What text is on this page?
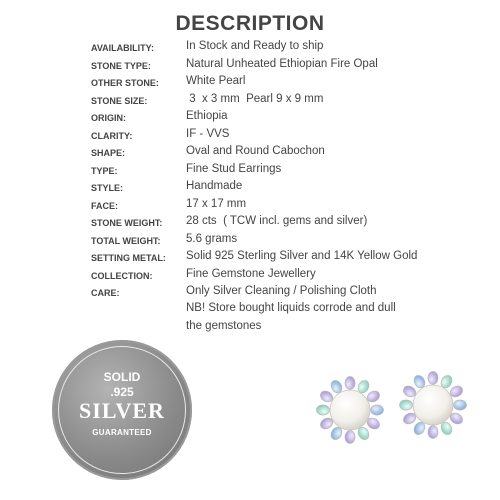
DESCRIPTION
AVAILABILITY:	In Stock and Ready to ship
STONE TYPE:	Natural Unheated Ethiopian Fire Opal
OTHER STONE:	White Pearl
STONE SIZE:	3  x 3 mm  Pearl 9 x 9 mm
ORIGIN:	Ethiopia
CLARITY:	IF - VVS
SHAPE:	Oval and Round Cabochon
TYPE:	Fine Stud Earrings
STYLE:	Handmade
FACE:	17 x 17 mm
STONE WEIGHT:	28 cts  ( TCW incl. gems and silver)
TOTAL WEIGHT:	5.6 grams
SETTING METAL:	Solid 925 Sterling Silver and 14K Yellow Gold
COLLECTION:	Fine Gemstone Jewellery
CARE:	Only Silver Cleaning / Polishing Cloth
NB! Store bought liquids corrode and dull
the gemstones
SOLID
.925
SILVER
GUARANTEED
